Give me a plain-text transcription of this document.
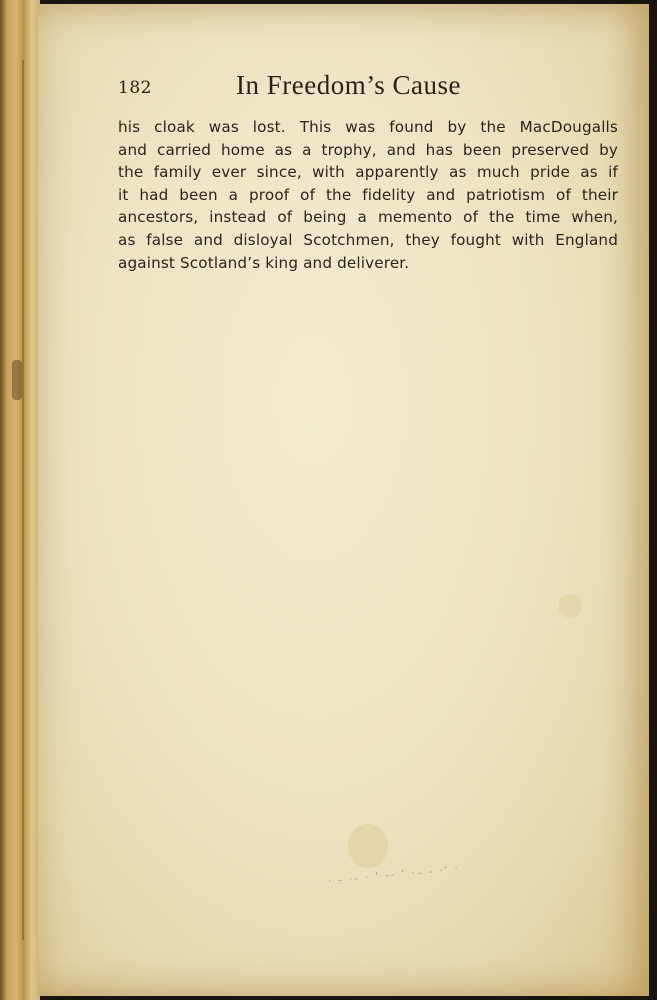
· - ·- · ' -- ' · - - ·' ·
182	In Freedom’s Cause
his cloak was lost. This was found by the MacDougalls
and carried home as a trophy, and has been preserved by
the family ever since, with apparently as much pride as if
it had been a proof of the fidelity and patriotism of their
ancestors, instead of being a memento of the time when,
as false and disloyal Scotchmen, they fought with England
against Scotland’s king and deliverer.
